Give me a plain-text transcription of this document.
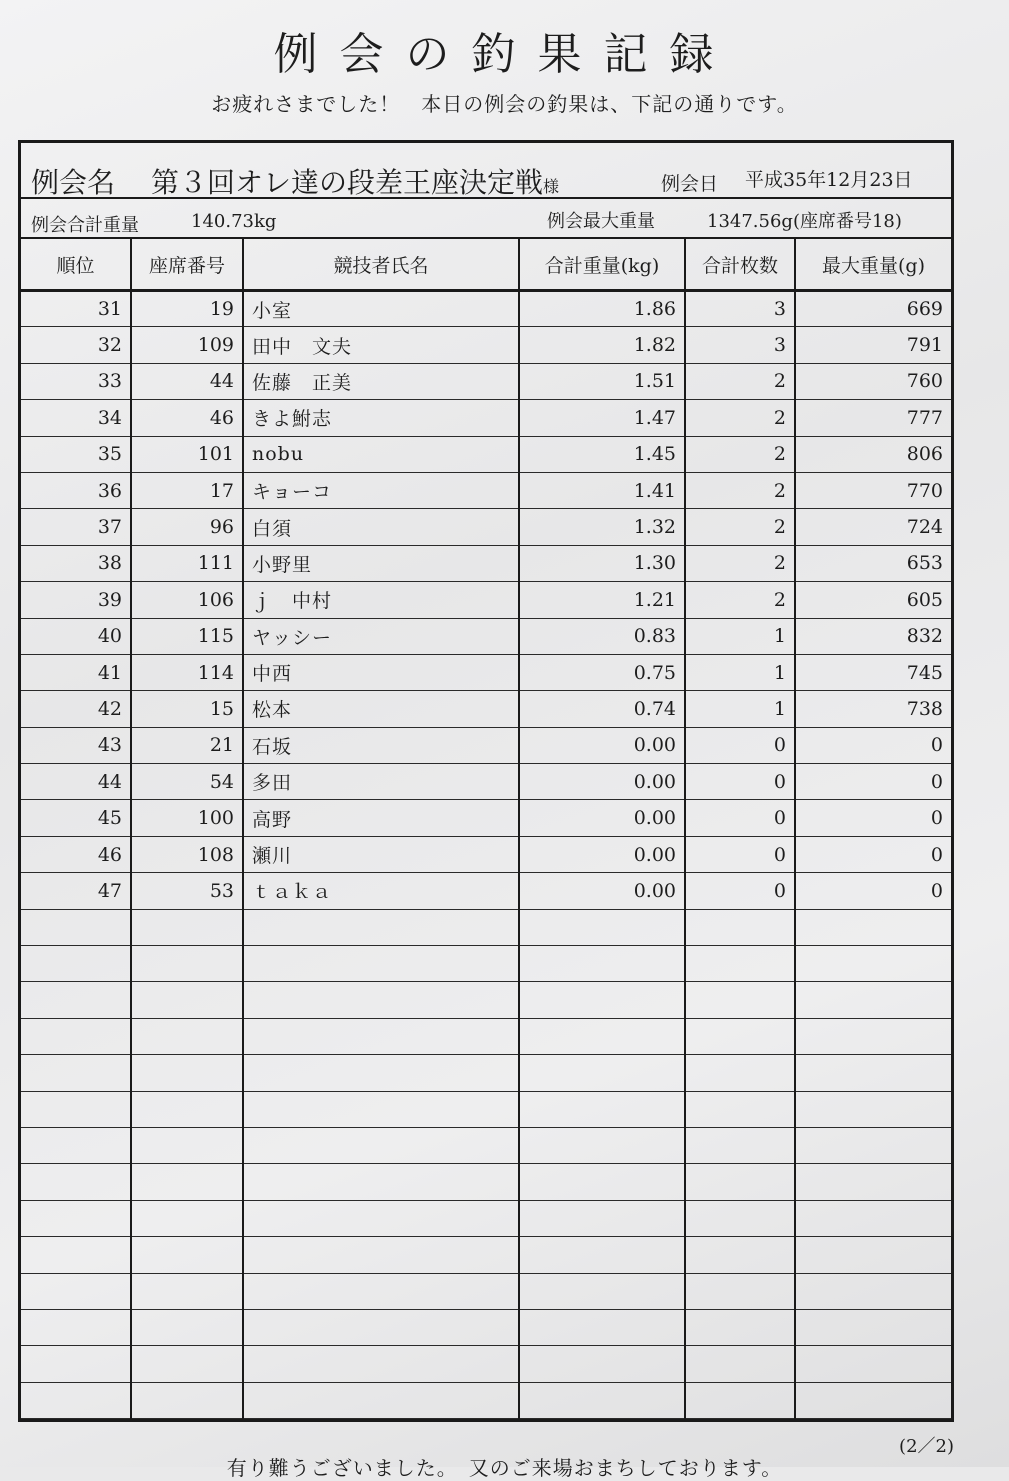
例会の釣果記録
お疲れさまでした！　本日の例会の釣果は、下記の通りです。
例会名 第３回オレ達の段差王座決定戦様	例会日 平成35年12月23日
例会合計重量	140.73kg	例会最大重量	1347.56g(座席番号18)
順位	座席番号	競技者氏名	合計重量(kg)	合計枚数	最大重量(g)
31	19	小室	1.86	3	669
32	109	田中　文夫	1.82	3	791
33	44	佐藤　正美	1.51	2	760
34	46	きよ鮒志	1.47	2	777
35	101	nobu	1.45	2	806
36	17	キョーコ	1.41	2	770
37	96	白須	1.32	2	724
38	111	小野里	1.30	2	653
39	106	ｊ　中村	1.21	2	605
40	115	ヤッシー	0.83	1	832
41	114	中西	0.75	1	745
42	15	松本	0.74	1	738
43	21	石坂	0.00	0	0
44	54	多田	0.00	0	0
45	100	高野	0.00	0	0
46	108	瀬川	0.00	0	0
47	53	ｔａｋａ	0.00	0	0

(2／2)
有り難うございました。　又のご来場おまちしております。
